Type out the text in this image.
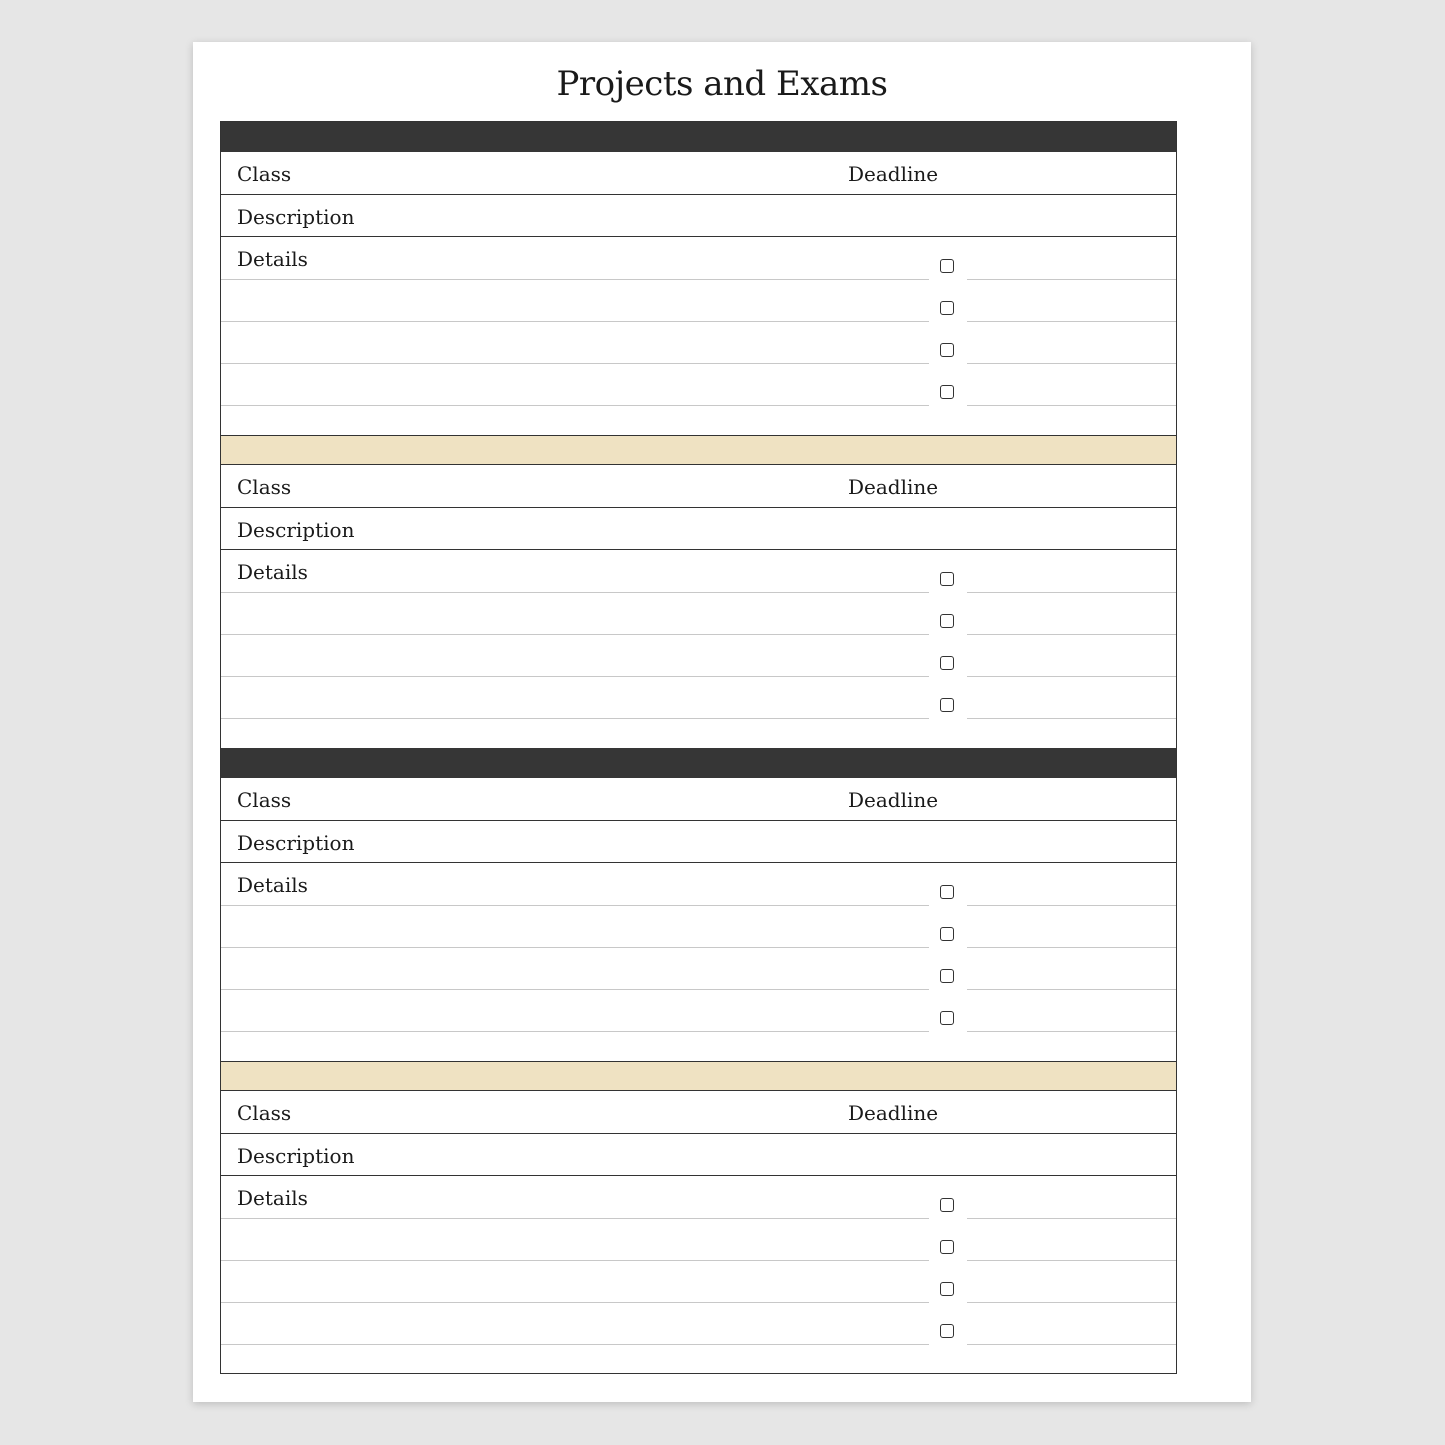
Projects and Exams
Class	Deadline
Description
Details
Class	Deadline
Description
Details
Class	Deadline
Description
Details
Class	Deadline
Description
Details
